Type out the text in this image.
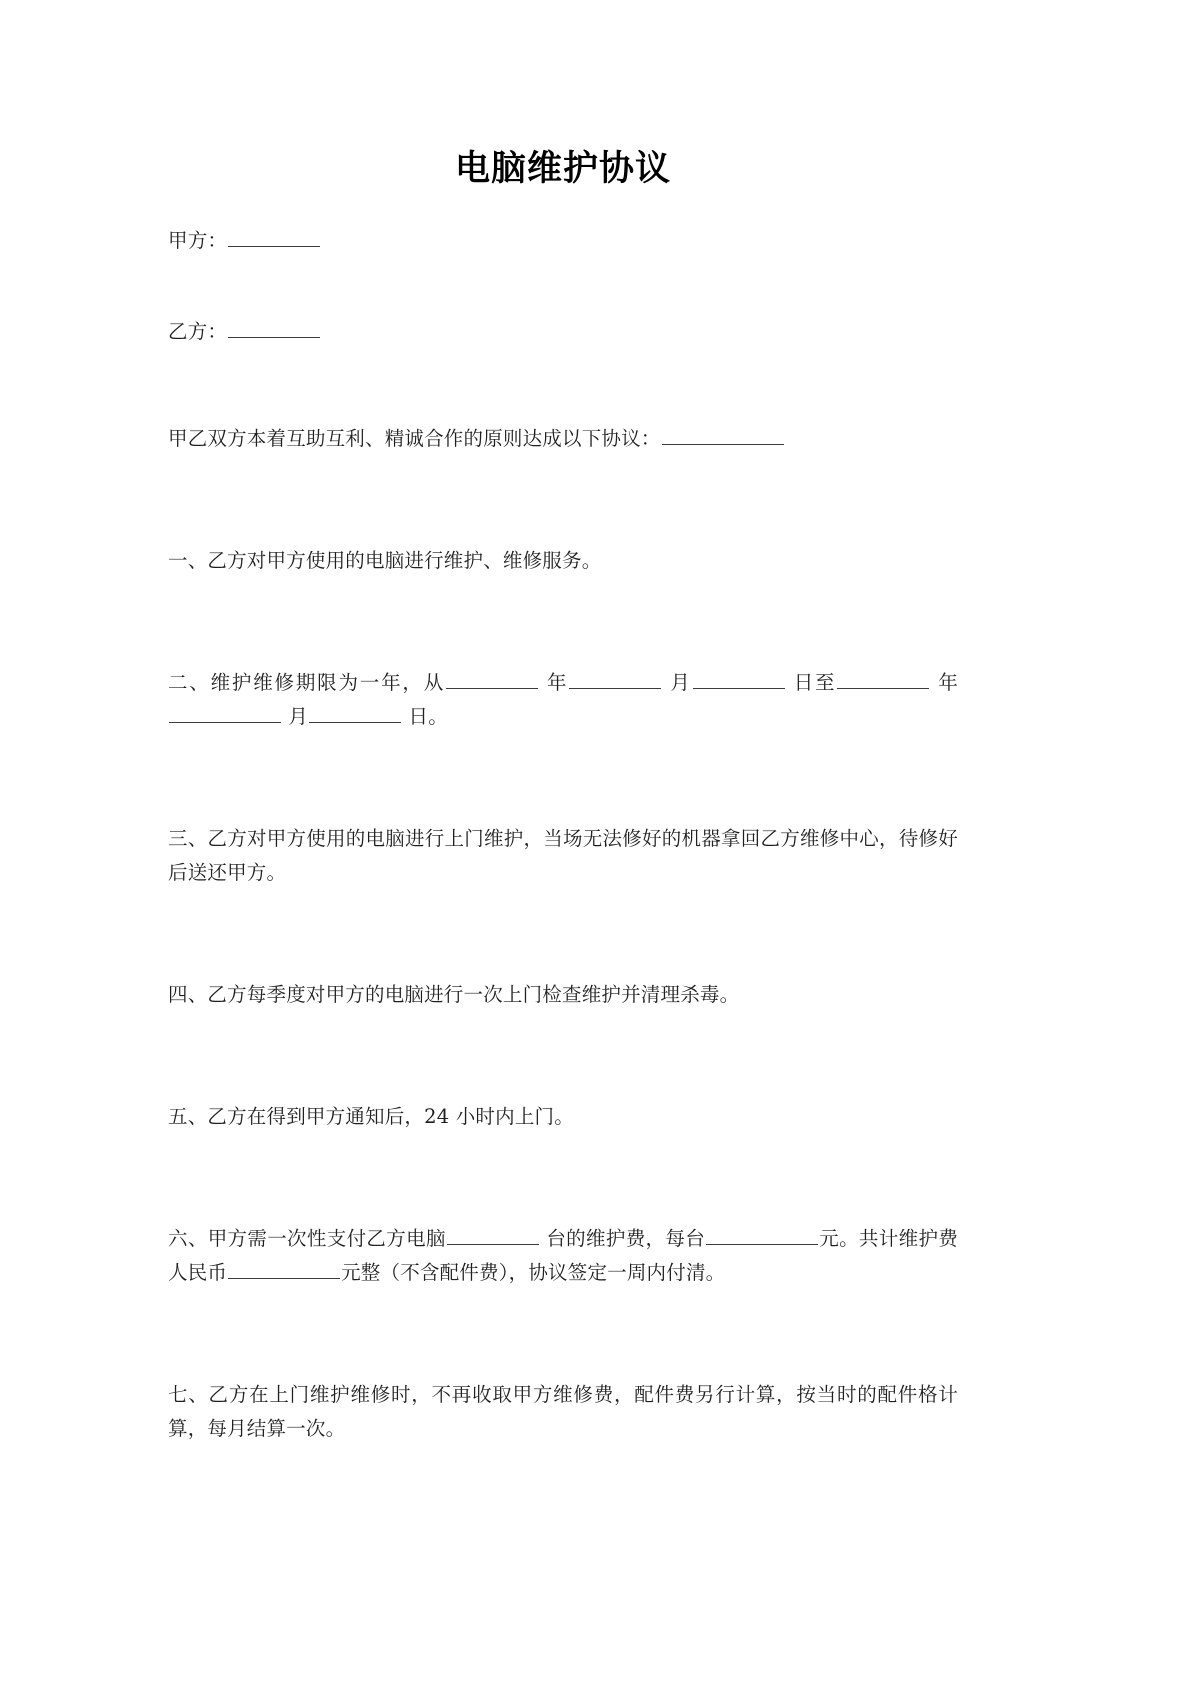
电脑维护协议

甲方：

乙方：

甲乙双方本着互助互利、精诚合作的原则达成以下协议：

一、乙方对甲方使用的电脑进行维护、维修服务。

二、维护维修期限为一年，从	年	月	日至	年 月	日。

三、乙方对甲方使用的电脑进行上门维护，当场无法修好的机器拿回乙方维修中心，待修好后送还甲方。

四、乙方每季度对甲方的电脑进行一次上门检查维护并清理杀毒。

五、乙方在得到甲方通知后，24 小时内上门。

六、甲方需一次性支付乙方电脑	台的维护费，每台	元。共计维护费人民币	元整（不含配件费），协议签定一周内付清。

七、乙方在上门维护维修时，不再收取甲方维修费，配件费另行计算，按当时的配件格计算，每月结算一次。
